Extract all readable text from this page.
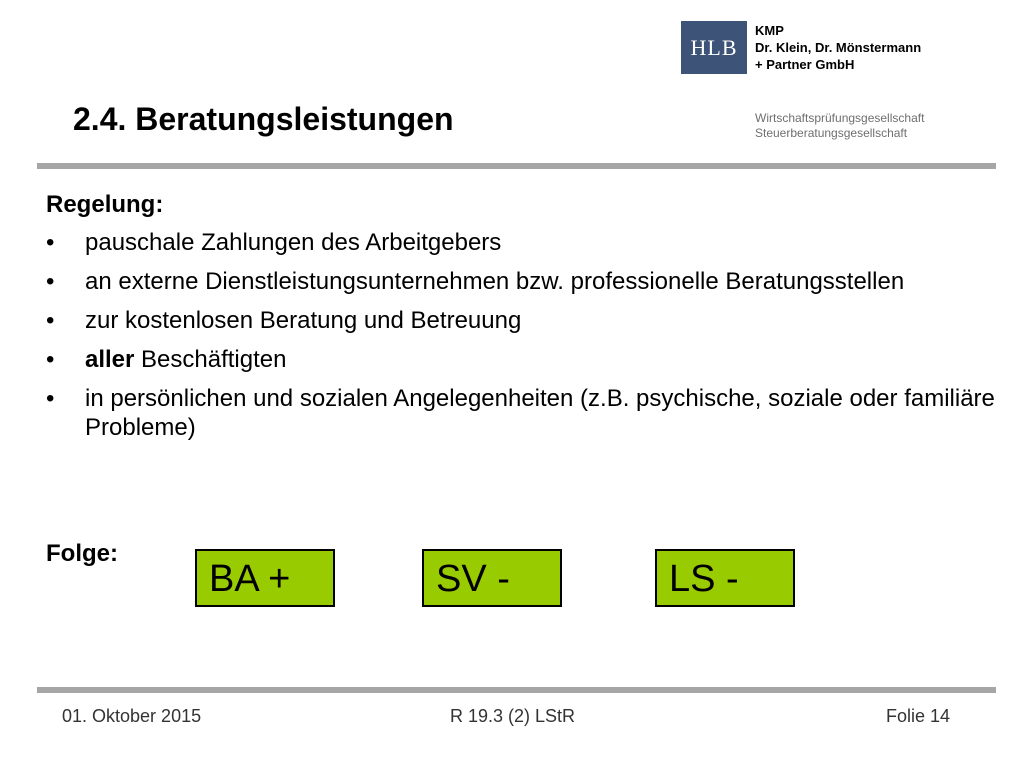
HLB
KMP
Dr. Klein, Dr. Mönstermann
+ Partner GmbH
Wirtschaftsprüfungsgesellschaft
Steuerberatungsgesellschaft
2.4. Beratungsleistungen
Regelung:
• pauschale Zahlungen des Arbeitgebers
• an externe Dienstleistungsunternehmen bzw. professionelle Beratungsstellen
• zur kostenlosen Beratung und Betreuung
• aller Beschäftigten
• in persönlichen und sozialen Angelegenheiten (z.B. psychische, soziale oder familiäre Probleme)
Folge:
BA +	SV -	LS -
01. Oktober 2015	R 19.3 (2) LStR	Folie 14
